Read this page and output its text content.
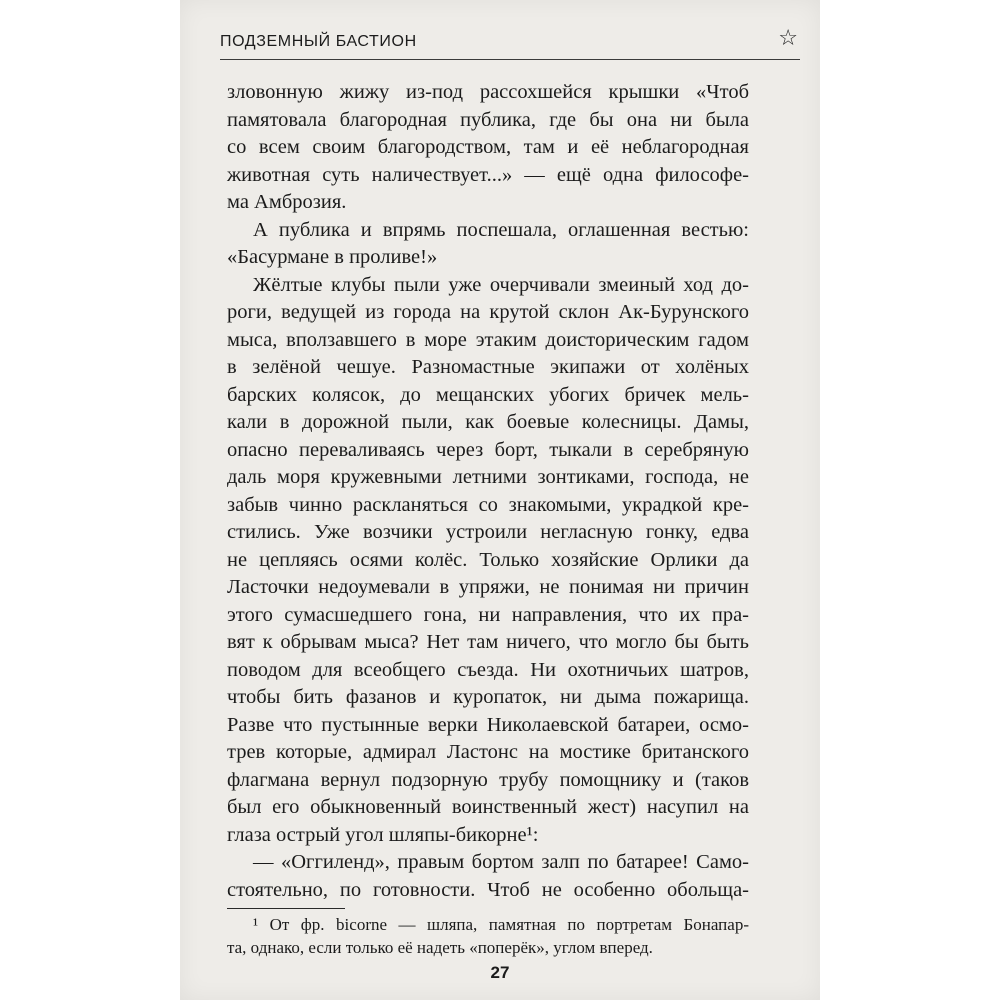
ПОДЗЕМНЫЙ БАСТИОН	☆
зловонную жижу из-под рассохшейся крышки «Чтоб
памятовала благородная публика, где бы она ни была
со всем своим благородством, там и её неблагородная
животная суть наличествует...» — ещё одна философе-
ма Амброзия.
А публика и впрямь поспешала, оглашенная вестью:
«Басурмане в проливе!»
Жёлтые клубы пыли уже очерчивали змеиный ход до-
роги, ведущей из города на крутой склон Ак-Бурунского
мыса, вползавшего в море этаким доисторическим гадом
в зелёной чешуе. Разномастные экипажи от холёных
барских колясок, до мещанских убогих бричек мель-
кали в дорожной пыли, как боевые колесницы. Дамы,
опасно переваливаясь через борт, тыкали в серебряную
даль моря кружевными летними зонтиками, господа, не
забыв чинно раскланяться со знакомыми, украдкой кре-
стились. Уже возчики устроили негласную гонку, едва
не цепляясь осями колёс. Только хозяйские Орлики да
Ласточки недоумевали в упряжи, не понимая ни причин
этого сумасшедшего гона, ни направления, что их пра-
вят к обрывам мыса? Нет там ничего, что могло бы быть
поводом для всеобщего съезда. Ни охотничьих шатров,
чтобы бить фазанов и куропаток, ни дыма пожарища.
Разве что пустынные верки Николаевской батареи, осмо-
трев которые, адмирал Ластонс на мостике британского
флагмана вернул подзорную трубу помощнику и (таков
был его обыкновенный воинственный жест) насупил на
глаза острый угол шляпы-бикорне¹:
— «Оггиленд», правым бортом залп по батарее! Само-
стоятельно, по готовности. Чтоб не особенно обольща-
¹ От фр. bicorne — шляпа, памятная по портретам Бонапар-
та, однако, если только её надеть «поперёк», углом вперед.
27
